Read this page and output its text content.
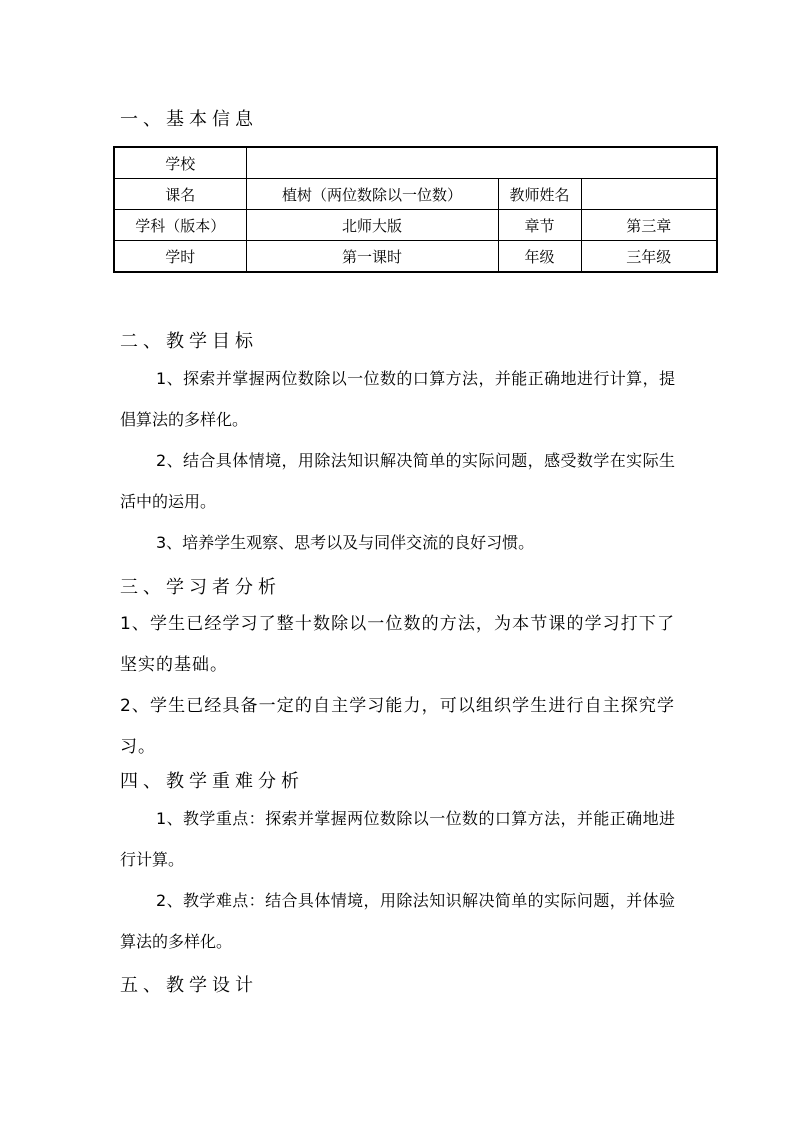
一、基本信息
学校			
课名	植树（两位数除以一位数）	教师姓名	
学科（版本）	北师大版	章节	第三章
学时	第一课时	年级	三年级
二、教学目标
1、探索并掌握两位数除以一位数的口算方法，并能正确地进行计算，提倡算法的多样化。
2、结合具体情境，用除法知识解决简单的实际问题，感受数学在实际生活中的运用。
3、培养学生观察、思考以及与同伴交流的良好习惯。
三、学习者分析
1、学生已经学习了整十数除以一位数的方法，为本节课的学习打下了坚实的基础。
2、学生已经具备一定的自主学习能力，可以组织学生进行自主探究学习。
四、教学重难分析
1、教学重点：探索并掌握两位数除以一位数的口算方法，并能正确地进行计算。
2、教学难点：结合具体情境，用除法知识解决简单的实际问题，并体验算法的多样化。
五、教学设计
